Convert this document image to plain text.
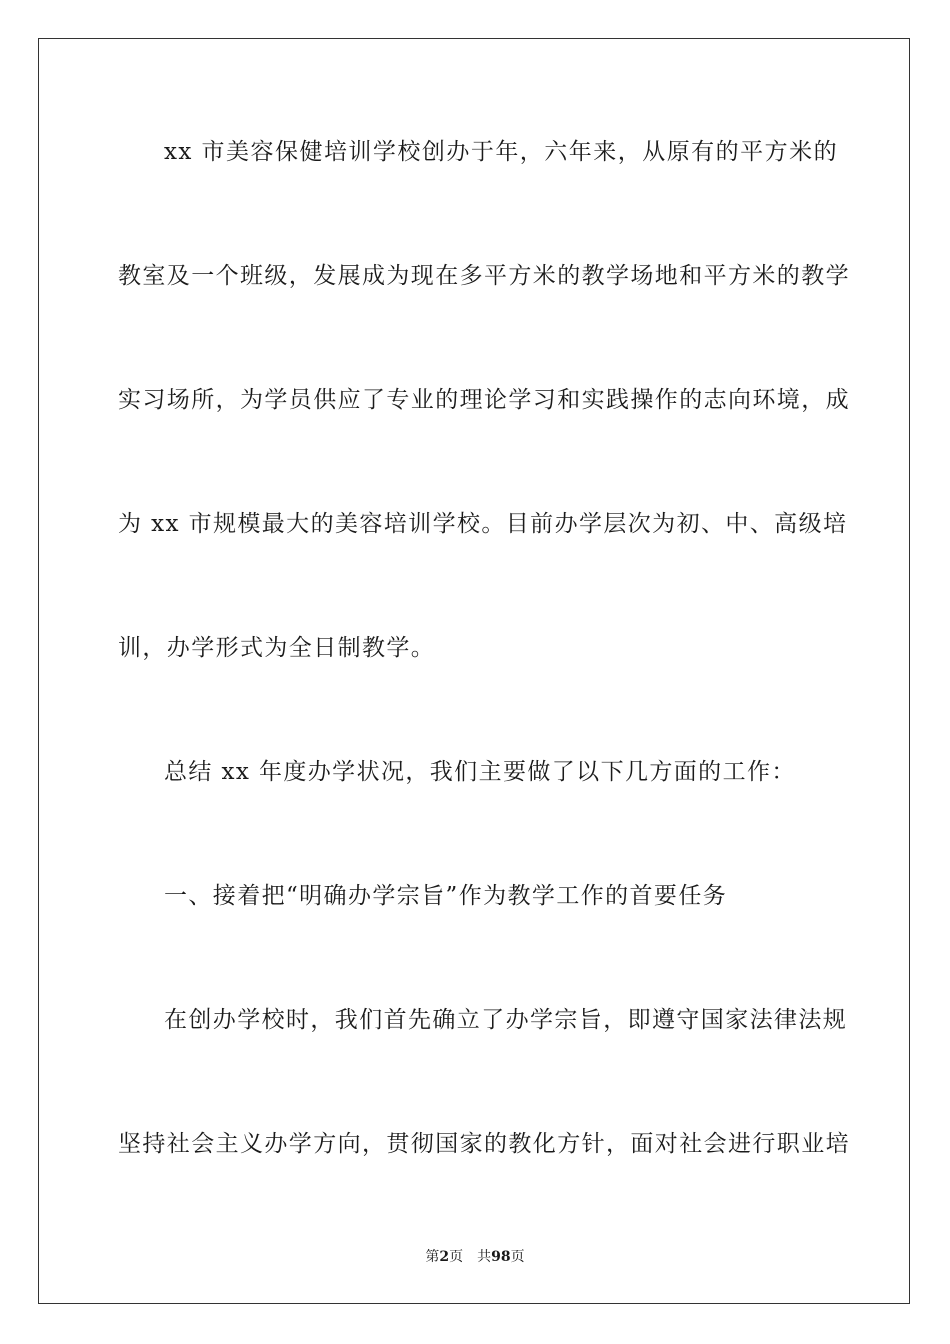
xx 市美容保健培训学校创办于年，六年来，从原有的平方米的
教室及一个班级，发展成为现在多平方米的教学场地和平方米的教学
实习场所，为学员供应了专业的理论学习和实践操作的志向环境，成
为 xx 市规模最大的美容培训学校。目前办学层次为初、中、高级培
训，办学形式为全日制教学。
总结 xx 年度办学状况，我们主要做了以下几方面的工作：
一、接着把“明确办学宗旨”作为教学工作的首要任务
在创办学校时，我们首先确立了办学宗旨，即遵守国家法律法规
坚持社会主义办学方向，贯彻国家的教化方针，面对社会进行职业培
第2页 共98页
